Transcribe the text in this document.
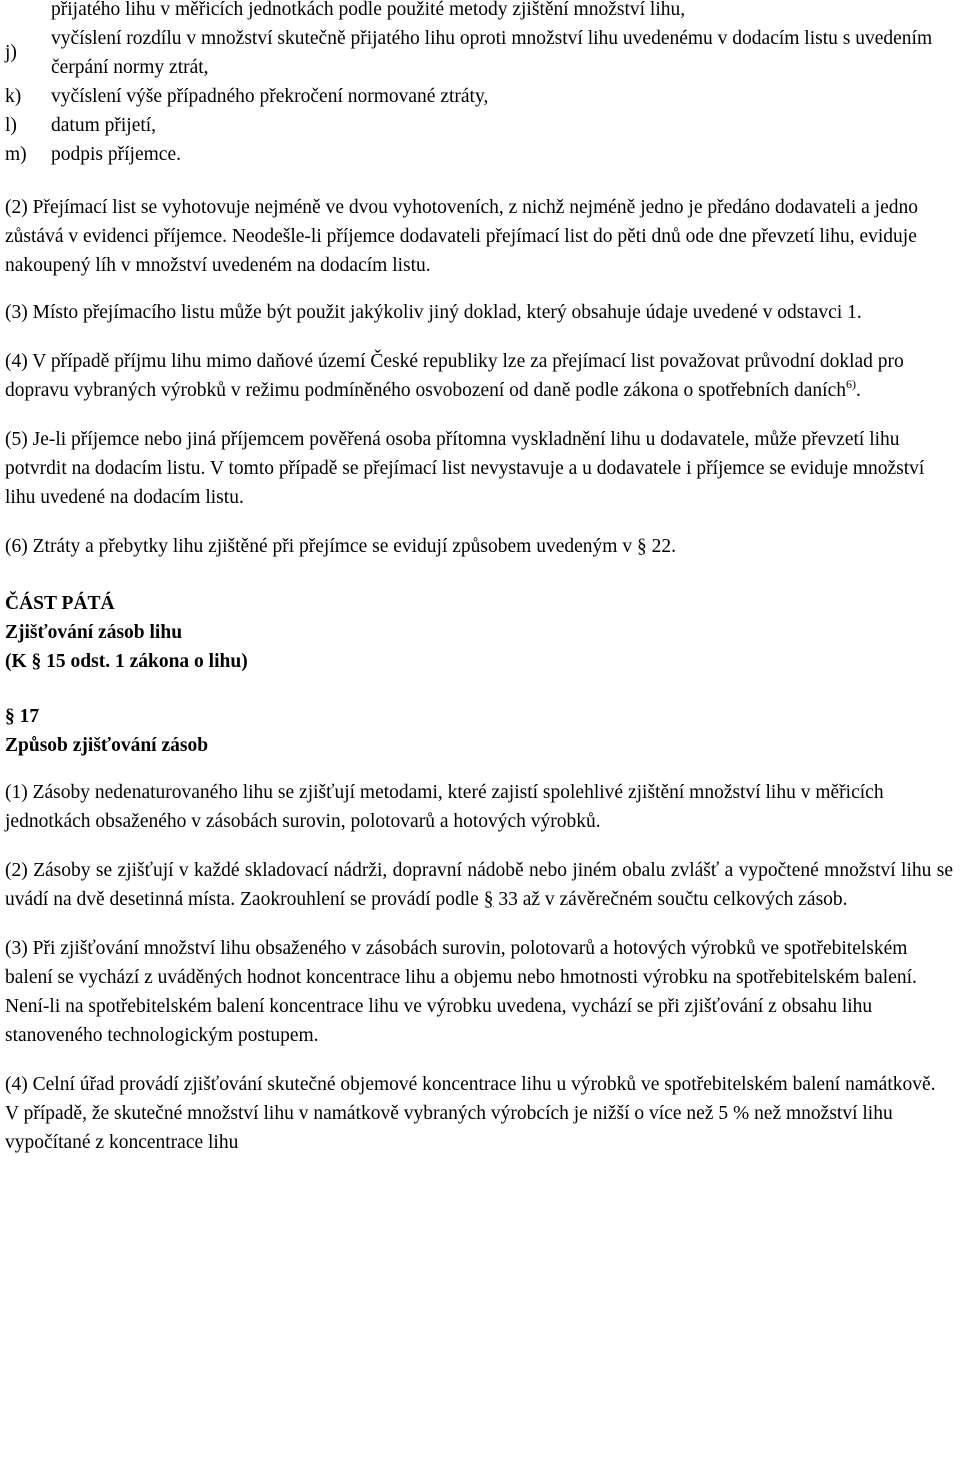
přijatého lihu v měřicích jednotkách podle použité metody zjištění množství lihu,
j)
vyčíslení rozdílu v množství skutečně přijatého lihu oproti množství lihu uvedenému v dodacím listu s uvedením čerpání normy ztrát,
k) vyčíslení výše případného překročení normované ztráty,
l) datum přijetí,
m) podpis příjemce.

(2) Přejímací list se vyhotovuje nejméně ve dvou vyhotoveních, z nichž nejméně jedno je předáno dodavateli a jedno zůstává v evidenci příjemce. Neodešle-li příjemce dodavateli přejímací list do pěti dnů ode dne převzetí lihu, eviduje nakoupený líh v množství uvedeném na dodacím listu.

(3) Místo přejímacího listu může být použit jakýkoliv jiný doklad, který obsahuje údaje uvedené v odstavci 1.

(4) V případě příjmu lihu mimo daňové území České republiky lze za přejímací list považovat průvodní doklad pro dopravu vybraných výrobků v režimu podmíněného osvobození od daně podle zákona o spotřebních daních$^{6)}$.

(5) Je-li příjemce nebo jiná příjemcem pověřená osoba přítomna vyskladnění lihu u dodavatele, může převzetí lihu potvrdit na dodacím listu. V tomto případě se přejímací list nevystavuje a u dodavatele i příjemce se eviduje množství lihu uvedené na dodacím listu.

(6) Ztráty a přebytky lihu zjištěné při přejímce se evidují způsobem uvedeným v § 22.

ČÁST PÁTÁ

Zjišťování zásob lihu

(K § 15 odst. 1 zákona o lihu)

§ 17

Způsob zjišťování zásob

(1) Zásoby nedenaturovaného lihu se zjišťují metodami, které zajistí spolehlivé zjištění množství lihu v měřicích jednotkách obsaženého v zásobách surovin, polotovarů a hotových výrobků.

(2) Zásoby se zjišťují v každé skladovací nádrži, dopravní nádobě nebo jiném obalu zvlášť a vypočtené množství lihu se uvádí na dvě desetinná místa. Zaokrouhlení se provádí podle § 33 až v závěrečném součtu celkových zásob.

(3) Při zjišťování množství lihu obsaženého v zásobách surovin, polotovarů a hotových výrobků ve spotřebitelském balení se vychází z uváděných hodnot koncentrace lihu a objemu nebo hmotnosti výrobku na spotřebitelském balení. Není-li na spotřebitelském balení koncentrace lihu ve výrobku uvedena, vychází se při zjišťování z obsahu lihu stanoveného technologickým postupem.

(4) Celní úřad provádí zjišťování skutečné objemové koncentrace lihu u výrobků ve spotřebitelském balení namátkově. V případě, že skutečné množství lihu v namátkově vybraných výrobcích je nižší o více než 5 % než množství lihu vypočítané z koncentrace lihu
